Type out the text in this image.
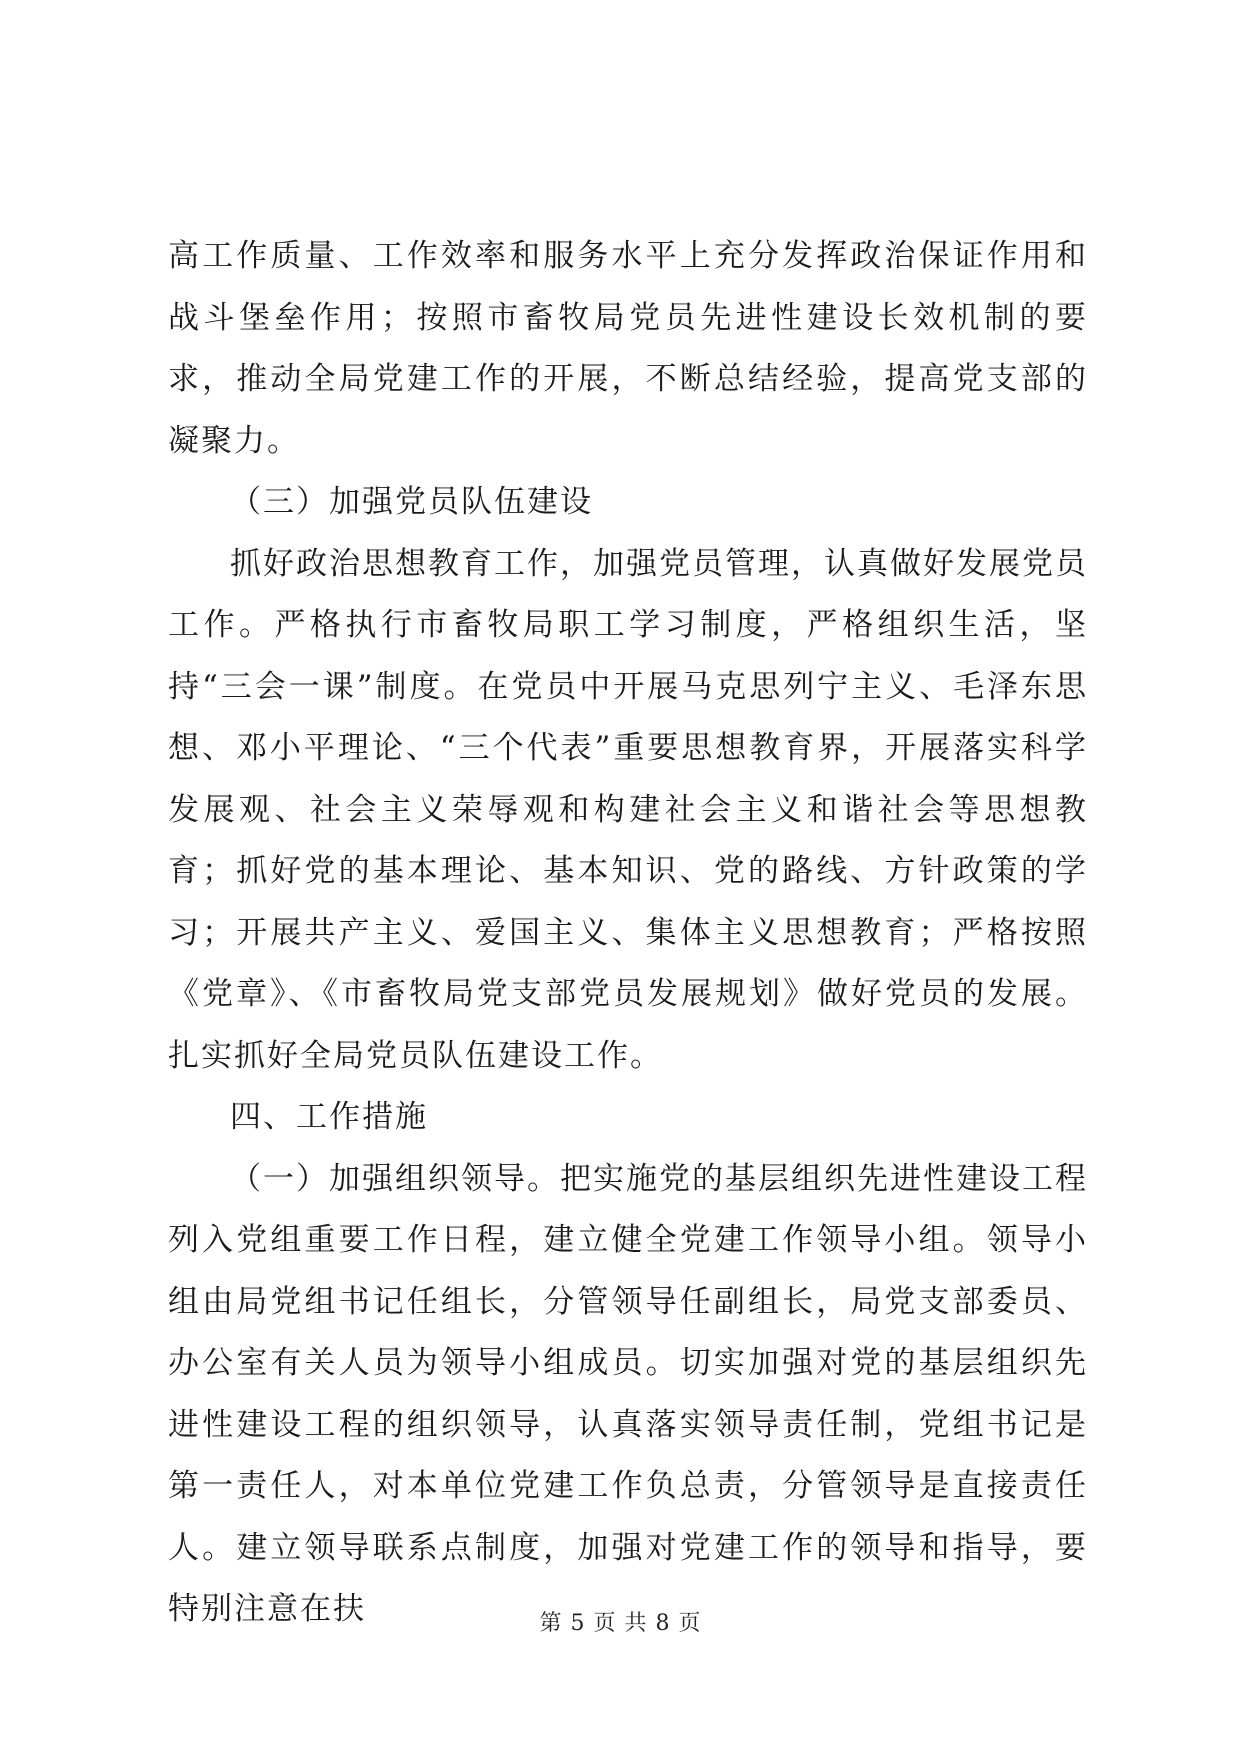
高工作质量、工作效率和服务水平上充分发挥政治保证作用和战斗堡垒作用；按照市畜牧局党员先进性建设长效机制的要求，推动全局党建工作的开展，不断总结经验，提高党支部的凝聚力。

（三）加强党员队伍建设

抓好政治思想教育工作，加强党员管理，认真做好发展党员工作。严格执行市畜牧局职工学习制度，严格组织生活，坚持“三会一课”制度。在党员中开展马克思列宁主义、毛泽东思想、邓小平理论、“三个代表”重要思想教育界，开展落实科学发展观、社会主义荣辱观和构建社会主义和谐社会等思想教育；抓好党的基本理论、基本知识、党的路线、方针政策的学习；开展共产主义、爱国主义、集体主义思想教育；严格按照《党章》、《市畜牧局党支部党员发展规划》做好党员的发展。扎实抓好全局党员队伍建设工作。

四、工作措施

（一）加强组织领导。把实施党的基层组织先进性建设工程列入党组重要工作日程，建立健全党建工作领导小组。领导小组由局党组书记任组长，分管领导任副组长，局党支部委员、办公室有关人员为领导小组成员。切实加强对党的基层组织先进性建设工程的组织领导，认真落实领导责任制，党组书记是第一责任人，对本单位党建工作负总责，分管领导是直接责任人。建立领导联系点制度，加强对党建工作的领导和指导，要特别注意在扶	第 5 页 共 8 页
